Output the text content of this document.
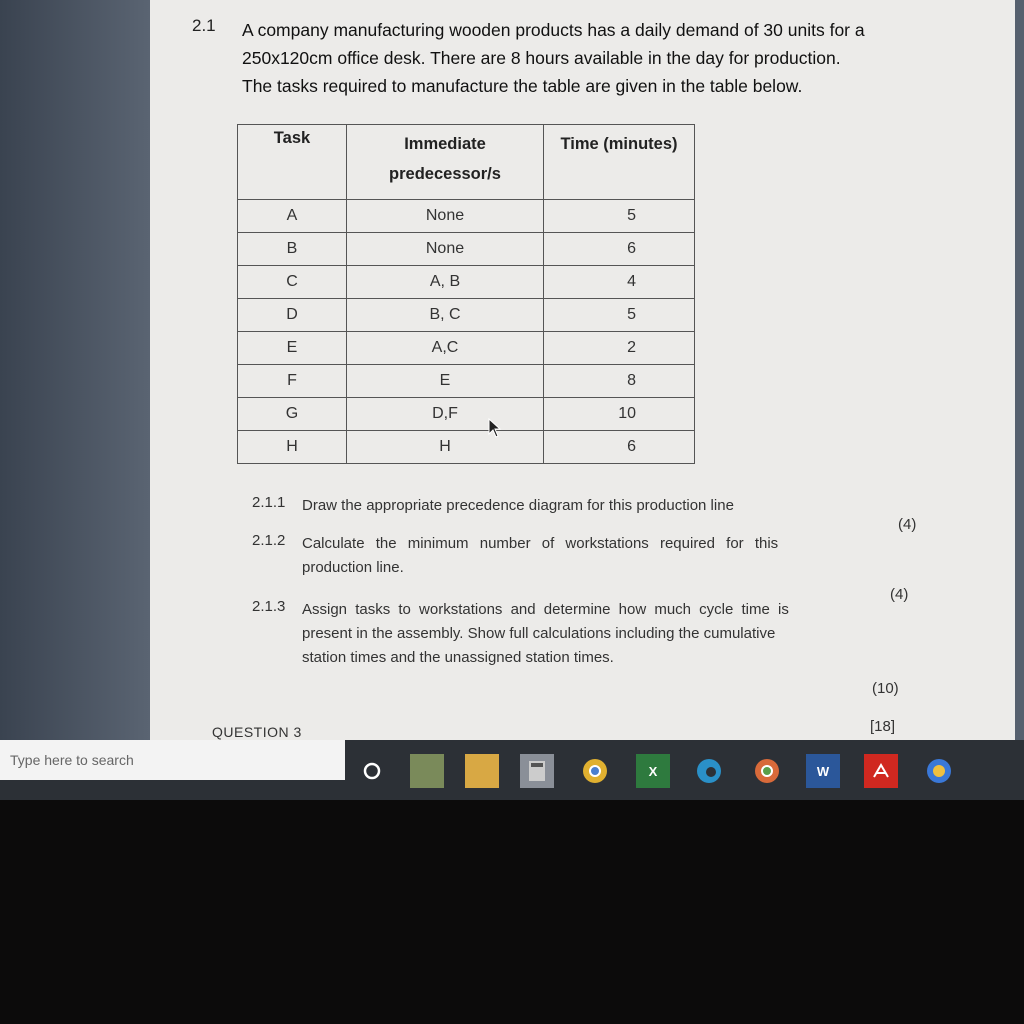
2.1 A company manufacturing wooden products has a daily demand of 30 units for a
250x120cm office desk. There are 8 hours available in the day for production.
The tasks required to manufacture the table are given in the table below.
Task	Immediate predecessor/s	Time (minutes)
A	None	5
B	None	6
C	A, B	4
D	B, C	5
E	A,C	2
F	E	8
G	D,F	10
H	H	6
2.1.1 Draw the appropriate precedence diagram for this production line
(4)
2.1.2 Calculate the minimum number of workstations required for this
production line.
(4)
2.1.3 Assign tasks to workstations and determine how much cycle time is
present in the assembly. Show full calculations including the cumulative
station times and the unassigned station times.
(10)
[18]
QUESTION 3
Type here to search
X	W
